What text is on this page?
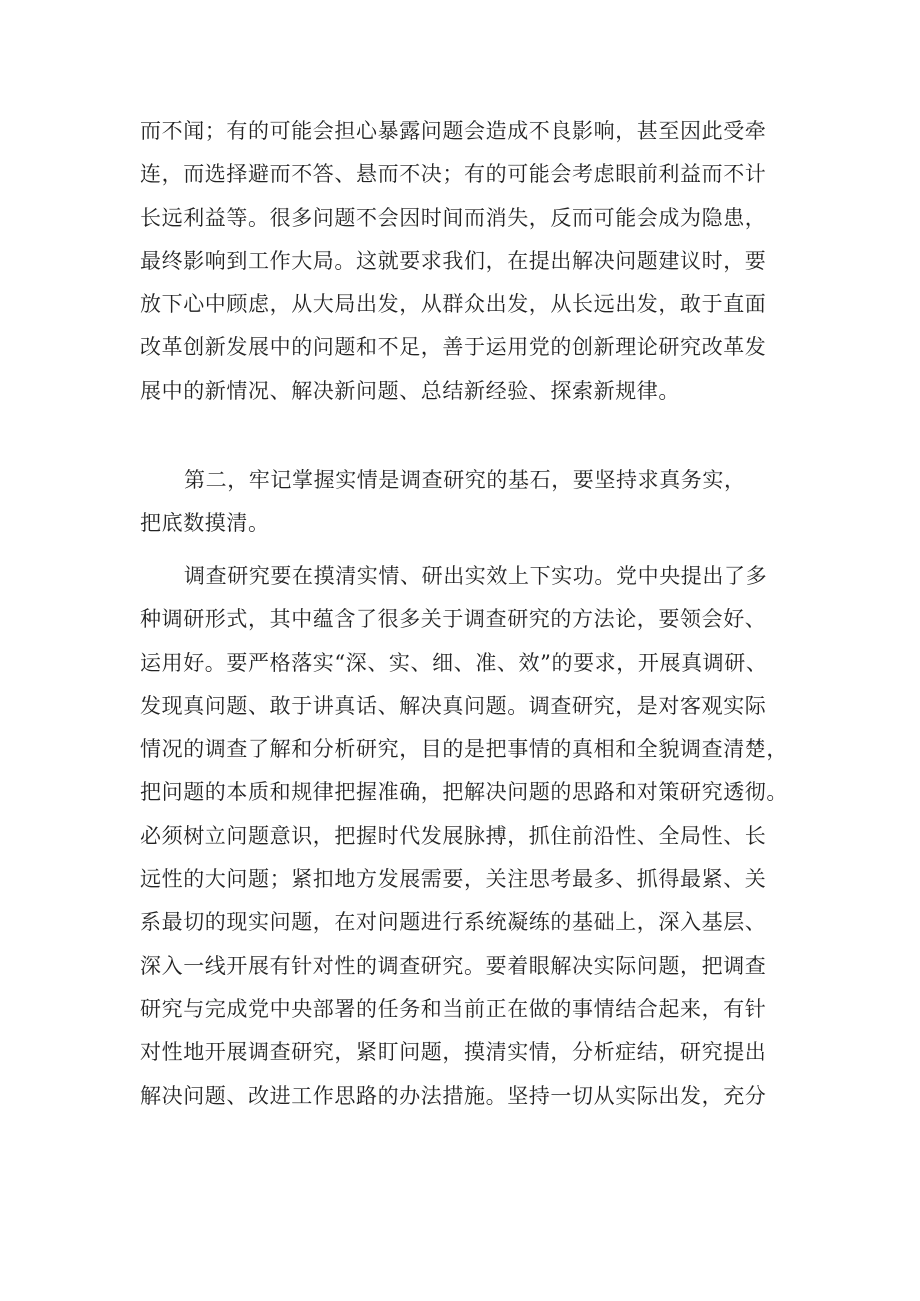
而不闻；有的可能会担心暴露问题会造成不良影响，甚至因此受牵
连，而选择避而不答、悬而不决；有的可能会考虑眼前利益而不计
长远利益等。很多问题不会因时间而消失，反而可能会成为隐患，
最终影响到工作大局。这就要求我们，在提出解决问题建议时，要
放下心中顾虑，从大局出发，从群众出发，从长远出发，敢于直面
改革创新发展中的问题和不足，善于运用党的创新理论研究改革发
展中的新情况、解决新问题、总结新经验、探索新规律。
第二，牢记掌握实情是调查研究的基石，要坚持求真务实，
把底数摸清。
调查研究要在摸清实情、研出实效上下实功。党中央提出了多
种调研形式，其中蕴含了很多关于调查研究的方法论，要领会好、
运用好。要严格落实“深、实、细、准、效”的要求，开展真调研、
发现真问题、敢于讲真话、解决真问题。调查研究，是对客观实际
情况的调查了解和分析研究，目的是把事情的真相和全貌调查清楚，
把问题的本质和规律把握准确，把解决问题的思路和对策研究透彻。
必须树立问题意识，把握时代发展脉搏，抓住前沿性、全局性、长
远性的大问题；紧扣地方发展需要，关注思考最多、抓得最紧、关
系最切的现实问题，在对问题进行系统凝练的基础上，深入基层、
深入一线开展有针对性的调查研究。要着眼解决实际问题，把调查
研究与完成党中央部署的任务和当前正在做的事情结合起来，有针
对性地开展调查研究，紧盯问题，摸清实情，分析症结，研究提出
解决问题、改进工作思路的办法措施。坚持一切从实际出发，充分
